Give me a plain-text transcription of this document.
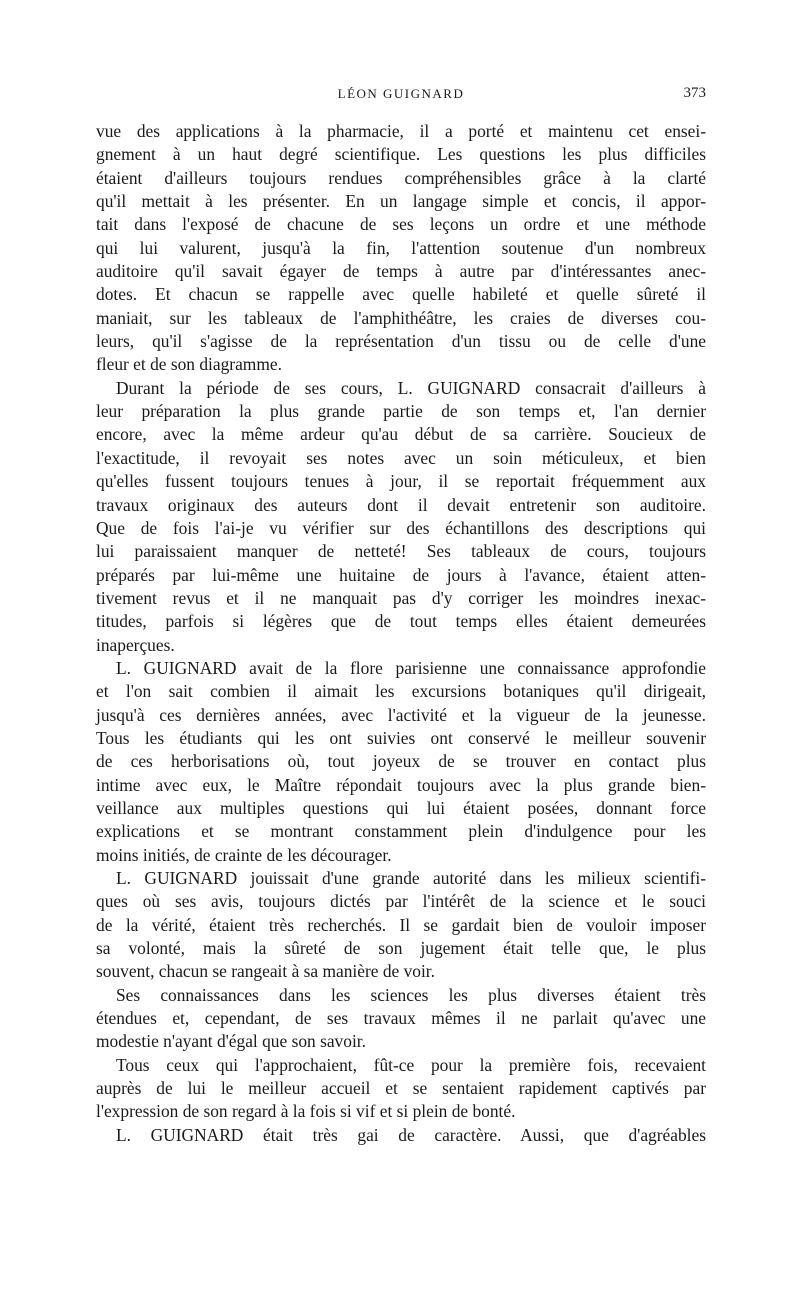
LÉON GUIGNARD	373
vue des applications à la pharmacie, il a porté et maintenu cet ensei-
gnement à un haut degré scientifique. Les questions les plus difficiles
étaient d'ailleurs toujours rendues compréhensibles grâce à la clarté
qu'il mettait à les présenter. En un langage simple et concis, il appor-
tait dans l'exposé de chacune de ses leçons un ordre et une méthode
qui lui valurent, jusqu'à la fin, l'attention soutenue d'un nombreux
auditoire qu'il savait égayer de temps à autre par d'intéressantes anec-
dotes. Et chacun se rappelle avec quelle habileté et quelle sûreté il
maniait, sur les tableaux de l'amphithéâtre, les craies de diverses cou-
leurs, qu'il s'agisse de la représentation d'un tissu ou de celle d'une
fleur et de son diagramme.
Durant la période de ses cours, L. GUIGNARD consacrait d'ailleurs à
leur préparation la plus grande partie de son temps et, l'an dernier
encore, avec la même ardeur qu'au début de sa carrière. Soucieux de
l'exactitude, il revoyait ses notes avec un soin méticuleux, et bien
qu'elles fussent toujours tenues à jour, il se reportait fréquemment aux
travaux originaux des auteurs dont il devait entretenir son auditoire.
Que de fois l'ai-je vu vérifier sur des échantillons des descriptions qui
lui paraissaient manquer de netteté! Ses tableaux de cours, toujours
préparés par lui-même une huitaine de jours à l'avance, étaient atten-
tivement revus et il ne manquait pas d'y corriger les moindres inexac-
titudes, parfois si légères que de tout temps elles étaient demeurées
inaperçues.
L. GUIGNARD avait de la flore parisienne une connaissance approfondie
et l'on sait combien il aimait les excursions botaniques qu'il dirigeait,
jusqu'à ces dernières années, avec l'activité et la vigueur de la jeunesse.
Tous les étudiants qui les ont suivies ont conservé le meilleur souvenir
de ces herborisations où, tout joyeux de se trouver en contact plus
intime avec eux, le Maître répondait toujours avec la plus grande bien-
veillance aux multiples questions qui lui étaient posées, donnant force
explications et se montrant constamment plein d'indulgence pour les
moins initiés, de crainte de les décourager.
L. GUIGNARD jouissait d'une grande autorité dans les milieux scientifi-
ques où ses avis, toujours dictés par l'intérêt de la science et le souci
de la vérité, étaient très recherchés. Il se gardait bien de vouloir imposer
sa volonté, mais la sûreté de son jugement était telle que, le plus
souvent, chacun se rangeait à sa manière de voir.
Ses connaissances dans les sciences les plus diverses étaient très
étendues et, cependant, de ses travaux mêmes il ne parlait qu'avec une
modestie n'ayant d'égal que son savoir.
Tous ceux qui l'approchaient, fût-ce pour la première fois, recevaient
auprès de lui le meilleur accueil et se sentaient rapidement captivés par
l'expression de son regard à la fois si vif et si plein de bonté.
L. GUIGNARD était très gai de caractère. Aussi, que d'agréables
